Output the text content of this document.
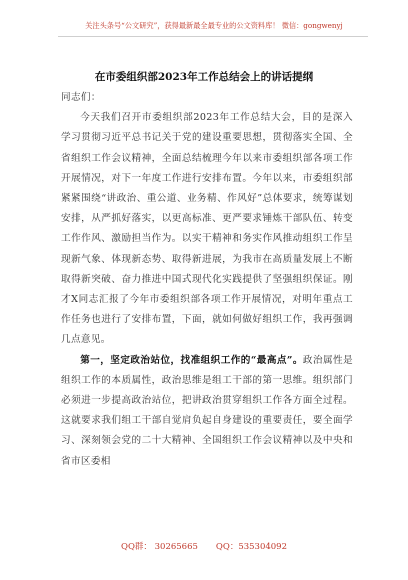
关注头条号“公文研究”，获得最新最全最专业的公文资料库！ 微信：gongwenyj
在市委组织部2023年工作总结会上的讲话提纲

同志们：

今天我们召开市委组织部2023年工作总结大会，目的是深入学习贯彻习近平总书记关于党的建设重要思想，贯彻落实全国、全省组织工作会议精神，全面总结梳理今年以来市委组织部各项工作开展情况，对下一年度工作进行安排布置。今年以来，市委组织部紧紧围绕“讲政治、重公道、业务精、作风好”总体要求，统筹谋划安排，从严抓好落实，以更高标准、更严要求锤炼干部队伍、转变工作作风、激励担当作为。以实干精神和务实作风推动组织工作呈现新气象、体现新态势、取得新进展，为我市在高质量发展上不断取得新突破、奋力推进中国式现代化实践提供了坚强组织保证。刚才X同志汇报了今年市委组织部各项工作开展情况，对明年重点工作任务也进行了安排布置，下面，就如何做好组织工作，我再强调几点意见。

第一，坚定政治站位，找准组织工作的“最高点”。政治属性是组织工作的本质属性，政治思维是组工干部的第一思维。组织部门必须进一步提高政治站位，把讲政治贯穿组织工作各方面全过程。这就要求我们组工干部自觉肩负起自身建设的重要责任，要全面学习、深刻领会党的二十大精神、全国组织工作会议精神以及中央和省市区委相

QQ群： 30265665 QQ：535304092
